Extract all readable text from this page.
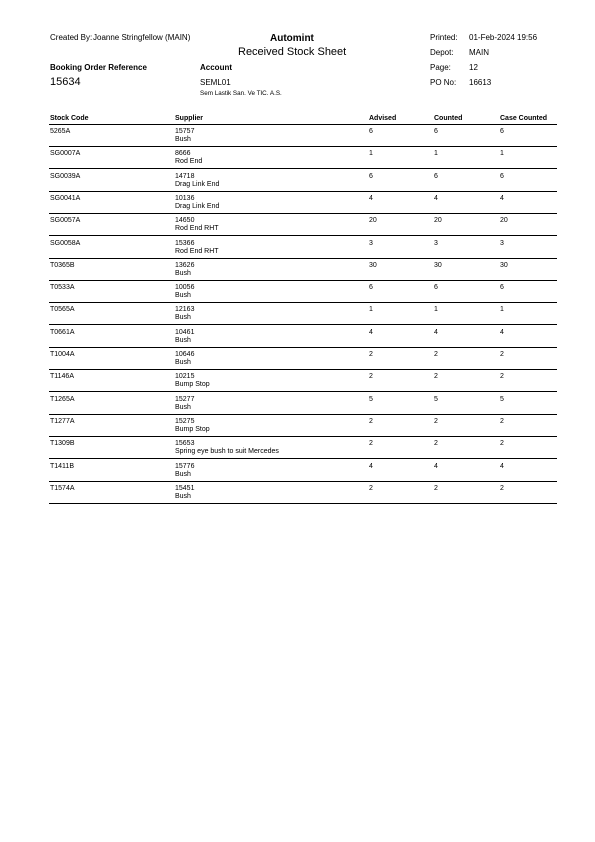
Created By: Joanne Stringfellow (MAIN)	Automint
Received Stock Sheet
Printed: 01-Feb-2024 19:56
Depot: MAIN
Page: 12
Booking Order Reference
15634
Account
SEML01
Sem Lastik San. Ve TIC. A.S.
PO No: 16613
Stock Code	Supplier	Advised	Counted	Case Counted
5265A	15757
Bush
6	6	6
SG0007A	8666
Rod End
1	1	1
SG0039A	14718
Drag Link End
6	6	6
SG0041A	10136
Drag Link End
4	4	4
SG0057A	14650
Rod End RHT
20	20	20
SG0058A	15366
Rod End RHT
3	3	3
T0365B	13626
Bush
30	30	30
T0533A	10056
Bush
6	6	6
T0565A	12163
Bush
1	1	1
T0661A	10461
Bush
4	4	4
T1004A	10646
Bush
2	2	2
T1146A	10215
Bump Stop
2	2	2
T1265A	15277
Bush
5	5	5
T1277A	15275
Bump Stop
2	2	2
T1309B	15653
Spring eye bush to suit Mercedes
2	2	2
T1411B	15776
Bush
4	4	4
T1574A	15451
Bush
2	2	2
